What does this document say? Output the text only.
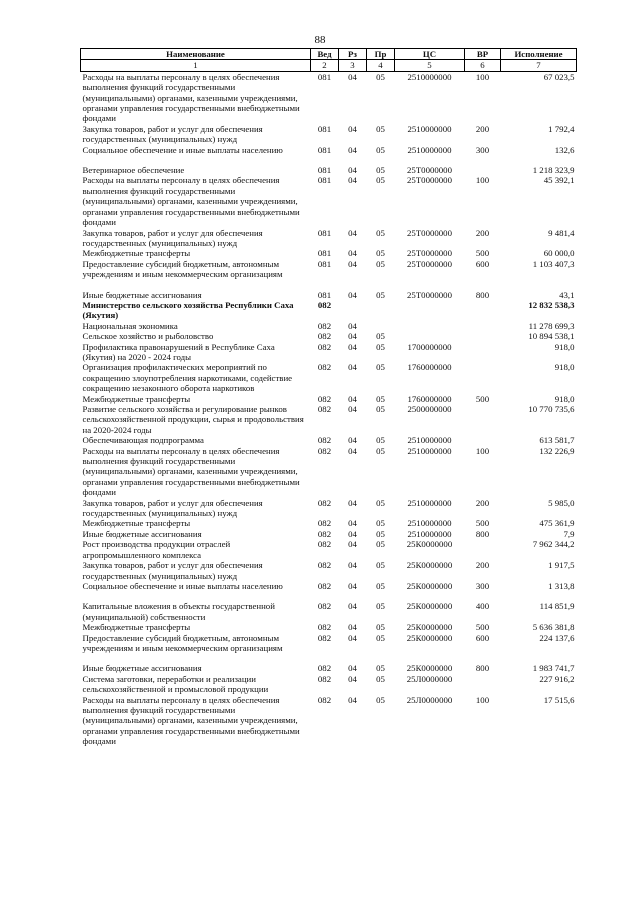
88
Наименование	Вед	Рз	Пр	ЦС	ВР	Исполнение
1	2	3	4	5	6	7
Расходы на выплаты персоналу в целях обеспечения выполнения функций государственными (муниципальными) органами, казенными учреждениями, органами управления государственными внебюджетными фондами	081	04	05	2510000000	100	67 023,5
Закупка товаров, работ и услуг для обеспечения государственных (муниципальных) нужд	081	04	05	2510000000	200	1 792,4
Социальное обеспечение и иные выплаты населению	081	04	05	2510000000	300	132,6

Ветеринарное обеспечение	081	04	05	25Т0000000		1 218 323,9
Расходы на выплаты персоналу в целях обеспечения выполнения функций государственными (муниципальными) органами, казенными учреждениями, органами управления государственными внебюджетными фондами	081	04	05	25Т0000000	100	45 392,1
Закупка товаров, работ и услуг для обеспечения государственных (муниципальных) нужд	081	04	05	25Т0000000	200	9 481,4
Межбюджетные трансферты	081	04	05	25Т0000000	500	60 000,0
Предоставление субсидий бюджетным, автономным учреждениям и иным некоммерческим организациям	081	04	05	25Т0000000	600	1 103 407,3

Иные бюджетные ассигнования	081	04	05	25Т0000000	800	43,1
Министерство сельского хозяйства Республики Саха (Якутия)	082					12 832 538,3
Национальная экономика	082	04				11 278 699,3
Сельское хозяйство и рыболовство	082	04	05			10 894 538,1
Профилактика правонарушений в Республике Саха (Якутия) на 2020 - 2024 годы	082	04	05	1700000000		918,0
Организация профилактических мероприятий по сокращению злоупотребления наркотиками, содействие сокращению незаконного оборота наркотиков	082	04	05	1760000000		918,0
Межбюджетные трансферты	082	04	05	1760000000	500	918,0
Развитие сельского хозяйства и регулирование рынков сельскохозяйственной продукции, сырья и продовольствия на 2020-2024 годы	082	04	05	2500000000		10 770 735,6
Обеспечивающая подпрограмма	082	04	05	2510000000		613 581,7
Расходы на выплаты персоналу в целях обеспечения выполнения функций государственными (муниципальными) органами, казенными учреждениями, органами управления государственными внебюджетными фондами	082	04	05	2510000000	100	132 226,9
Закупка товаров, работ и услуг для обеспечения государственных (муниципальных) нужд	082	04	05	2510000000	200	5 985,0
Межбюджетные трансферты	082	04	05	2510000000	500	475 361,9
Иные бюджетные ассигнования	082	04	05	2510000000	800	7,9
Рост производства продукции отраслей агропромышленного комплекса	082	04	05	25К0000000		7 962 344,2
Закупка товаров, работ и услуг для обеспечения государственных (муниципальных) нужд	082	04	05	25К0000000	200	1 917,5
Социальное обеспечение и иные выплаты населению	082	04	05	25К0000000	300	1 313,8

Капитальные вложения в объекты государственной (муниципальной) собственности	082	04	05	25К0000000	400	114 851,9
Межбюджетные трансферты	082	04	05	25К0000000	500	5 636 381,8
Предоставление субсидий бюджетным, автономным учреждениям и иным некоммерческим организациям	082	04	05	25К0000000	600	224 137,6

Иные бюджетные ассигнования	082	04	05	25К0000000	800	1 983 741,7
Система заготовки, переработки и реализации сельскохозяйственной и промысловой продукции	082	04	05	25Л0000000		227 916,2
Расходы на выплаты персоналу в целях обеспечения выполнения функций государственными (муниципальными) органами, казенными учреждениями, органами управления государственными внебюджетными фондами	082	04	05	25Л0000000	100	17 515,6
